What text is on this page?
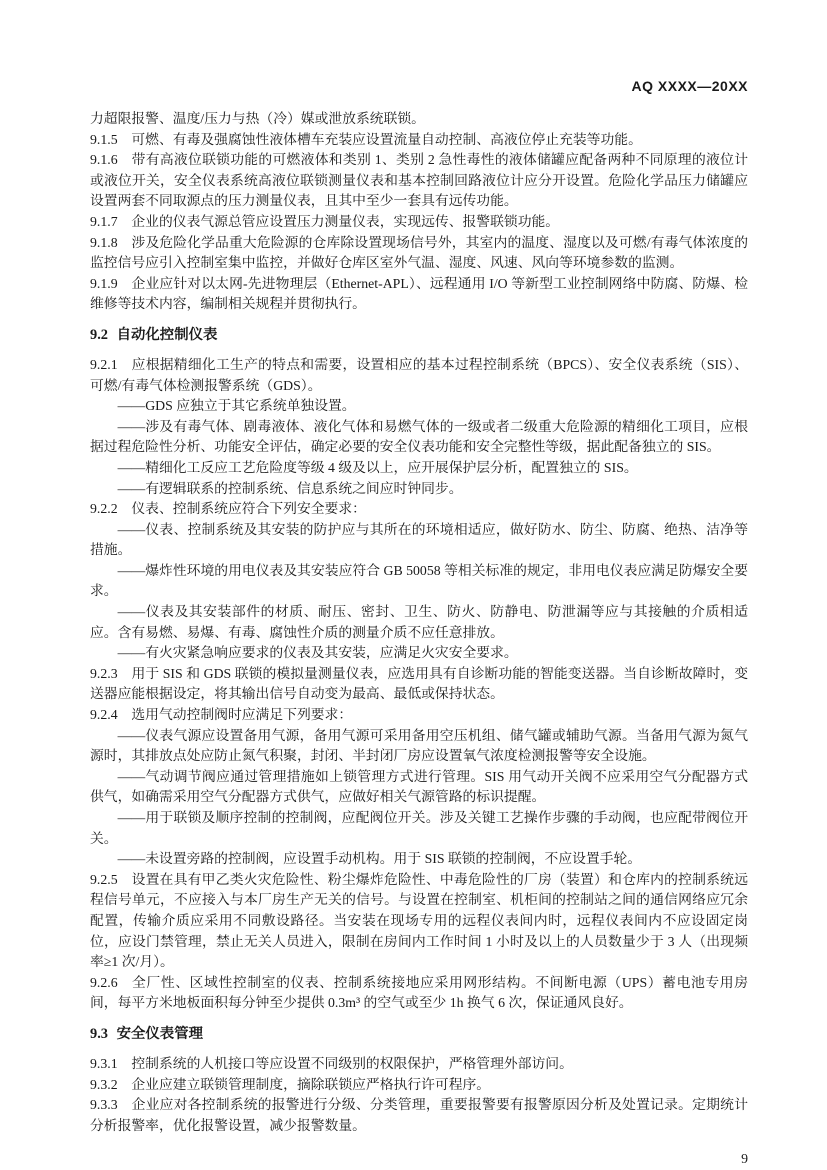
AQ XXXX—20XX

力超限报警、温度/压力与热（冷）媒或泄放系统联锁。

9.1.5 可燃、有毒及强腐蚀性液体槽车充装应设置流量自动控制、高液位停止充装等功能。

9.1.6 带有高液位联锁功能的可燃液体和类别 1、类别 2 急性毒性的液体储罐应配备两种不同原理的液位计或液位开关，安全仪表系统高液位联锁测量仪表和基本控制回路液位计应分开设置。危险化学品压力储罐应设置两套不同取源点的压力测量仪表，且其中至少一套具有远传功能。

9.1.7 企业的仪表气源总管应设置压力测量仪表，实现远传、报警联锁功能。

9.1.8 涉及危险化学品重大危险源的仓库除设置现场信号外，其室内的温度、湿度以及可燃/有毒气体浓度的监控信号应引入控制室集中监控，并做好仓库区室外气温、湿度、风速、风向等环境参数的监测。

9.1.9 企业应针对以太网-先进物理层（Ethernet-APL）、远程通用 I/O 等新型工业控制网络中防腐、防爆、检维修等技术内容，编制相关规程并贯彻执行。

9.2 自动化控制仪表

9.2.1 应根据精细化工生产的特点和需要，设置相应的基本过程控制系统（BPCS）、安全仪表系统（SIS）、可燃/有毒气体检测报警系统（GDS）。

——GDS 应独立于其它系统单独设置。

——涉及有毒气体、剧毒液体、液化气体和易燃气体的一级或者二级重大危险源的精细化工项目，应根据过程危险性分析、功能安全评估，确定必要的安全仪表功能和安全完整性等级，据此配备独立的 SIS。

——精细化工反应工艺危险度等级 4 级及以上，应开展保护层分析，配置独立的 SIS。

——有逻辑联系的控制系统、信息系统之间应时钟同步。

9.2.2 仪表、控制系统应符合下列安全要求：

——仪表、控制系统及其安装的防护应与其所在的环境相适应，做好防水、防尘、防腐、绝热、洁净等措施。

——爆炸性环境的用电仪表及其安装应符合 GB 50058 等相关标准的规定，非用电仪表应满足防爆安全要求。

——仪表及其安装部件的材质、耐压、密封、卫生、防火、防静电、防泄漏等应与其接触的介质相适应。含有易燃、易爆、有毒、腐蚀性介质的测量介质不应任意排放。

——有火灾紧急响应要求的仪表及其安装，应满足火灾安全要求。

9.2.3 用于 SIS 和 GDS 联锁的模拟量测量仪表，应选用具有自诊断功能的智能变送器。当自诊断故障时，变送器应能根据设定，将其输出信号自动变为最高、最低或保持状态。

9.2.4 选用气动控制阀时应满足下列要求：

——仪表气源应设置备用气源，备用气源可采用备用空压机组、储气罐或辅助气源。当备用气源为氮气源时，其排放点处应防止氮气积聚，封闭、半封闭厂房应设置氧气浓度检测报警等安全设施。

——气动调节阀应通过管理措施如上锁管理方式进行管理。SIS 用气动开关阀不应采用空气分配器方式供气，如确需采用空气分配器方式供气，应做好相关气源管路的标识提醒。

——用于联锁及顺序控制的控制阀，应配阀位开关。涉及关键工艺操作步骤的手动阀，也应配带阀位开关。

——未设置旁路的控制阀，应设置手动机构。用于 SIS 联锁的控制阀，不应设置手轮。

9.2.5 设置在具有甲乙类火灾危险性、粉尘爆炸危险性、中毒危险性的厂房（装置）和仓库内的控制系统远程信号单元，不应接入与本厂房生产无关的信号。与设置在控制室、机柜间的控制站之间的通信网络应冗余配置，传输介质应采用不同敷设路径。当安装在现场专用的远程仪表间内时，远程仪表间内不应设固定岗位，应设门禁管理，禁止无关人员进入，限制在房间内工作时间 1 小时及以上的人员数量少于 3 人（出现频率≥1 次/月）。

9.2.6 全厂性、区域性控制室的仪表、控制系统接地应采用网形结构。不间断电源（UPS）蓄电池专用房间，每平方米地板面积每分钟至少提供 0.3m³ 的空气或至少 1h 换气 6 次，保证通风良好。

9.3 安全仪表管理

9.3.1 控制系统的人机接口等应设置不同级别的权限保护，严格管理外部访问。

9.3.2 企业应建立联锁管理制度，摘除联锁应严格执行许可程序。

9.3.3 企业应对各控制系统的报警进行分级、分类管理，重要报警要有报警原因分析及处置记录。定期统计分析报警率，优化报警设置，减少报警数量。

9
